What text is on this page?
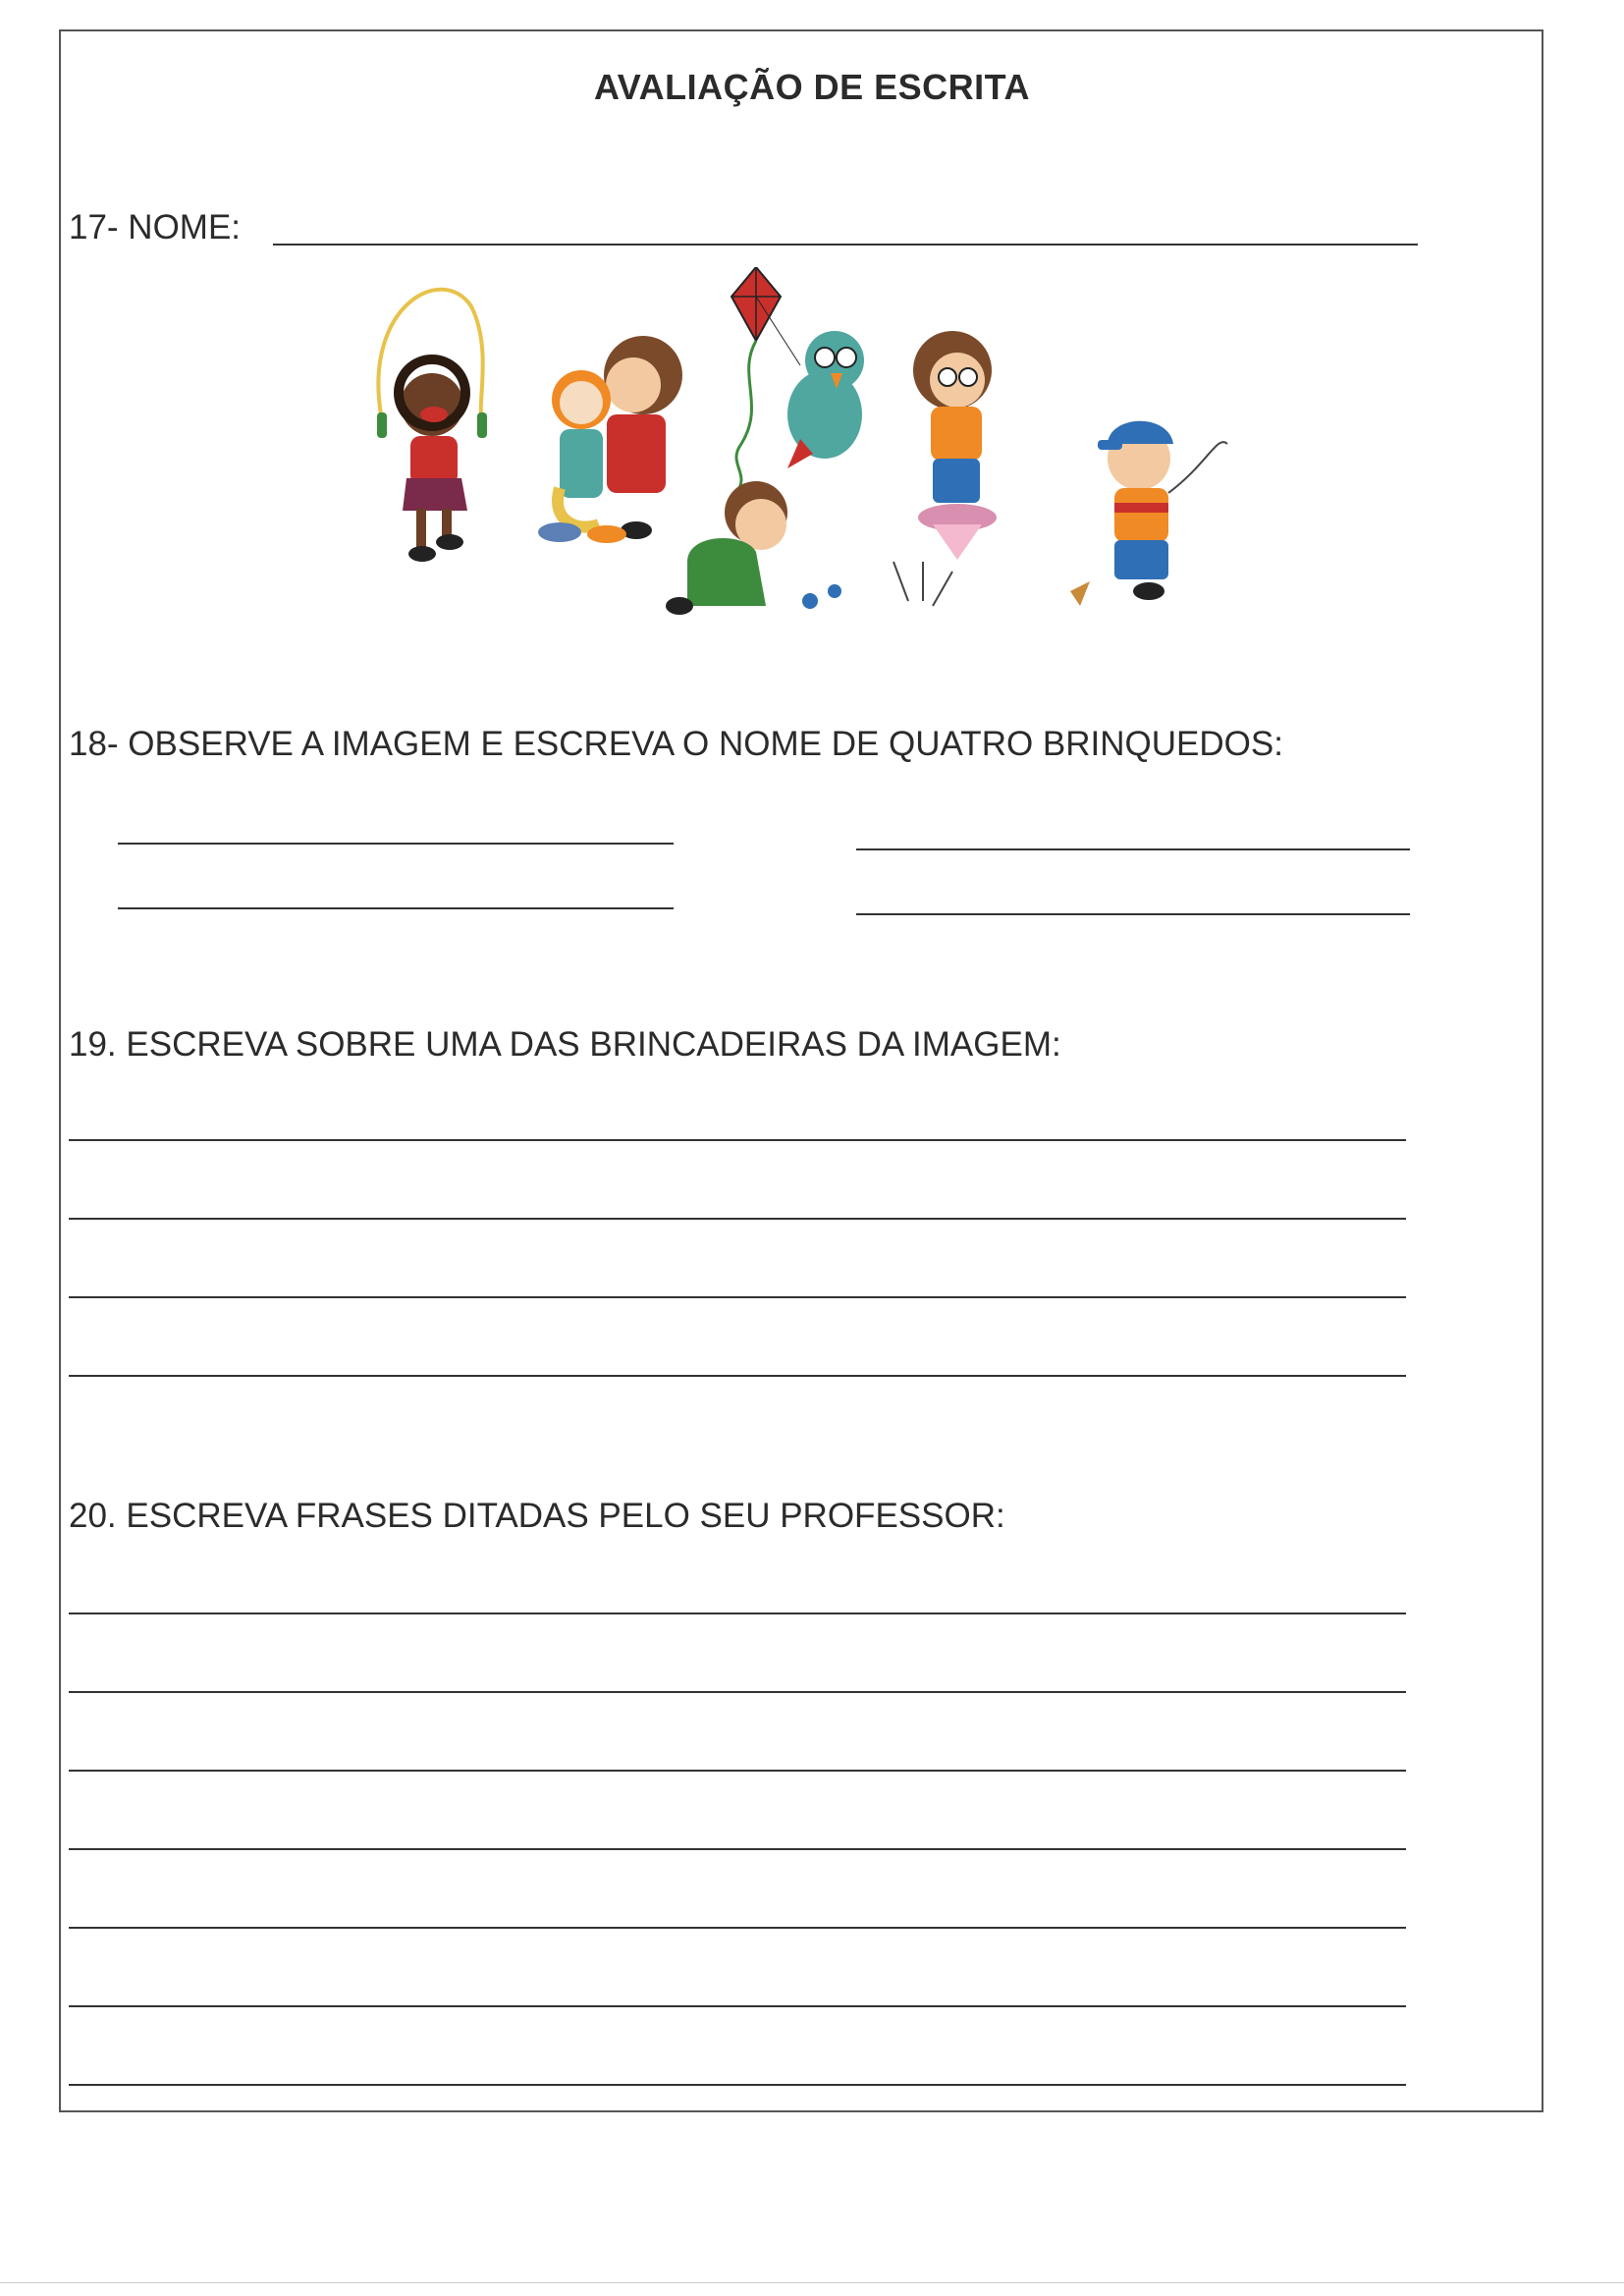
AVALIAÇÃO DE ESCRITA
17- NOME:
18- OBSERVE A IMAGEM E ESCREVA O NOME DE QUATRO BRINQUEDOS:
19. ESCREVA SOBRE UMA DAS BRINCADEIRAS DA IMAGEM:
20. ESCREVA FRASES DITADAS PELO SEU PROFESSOR:
